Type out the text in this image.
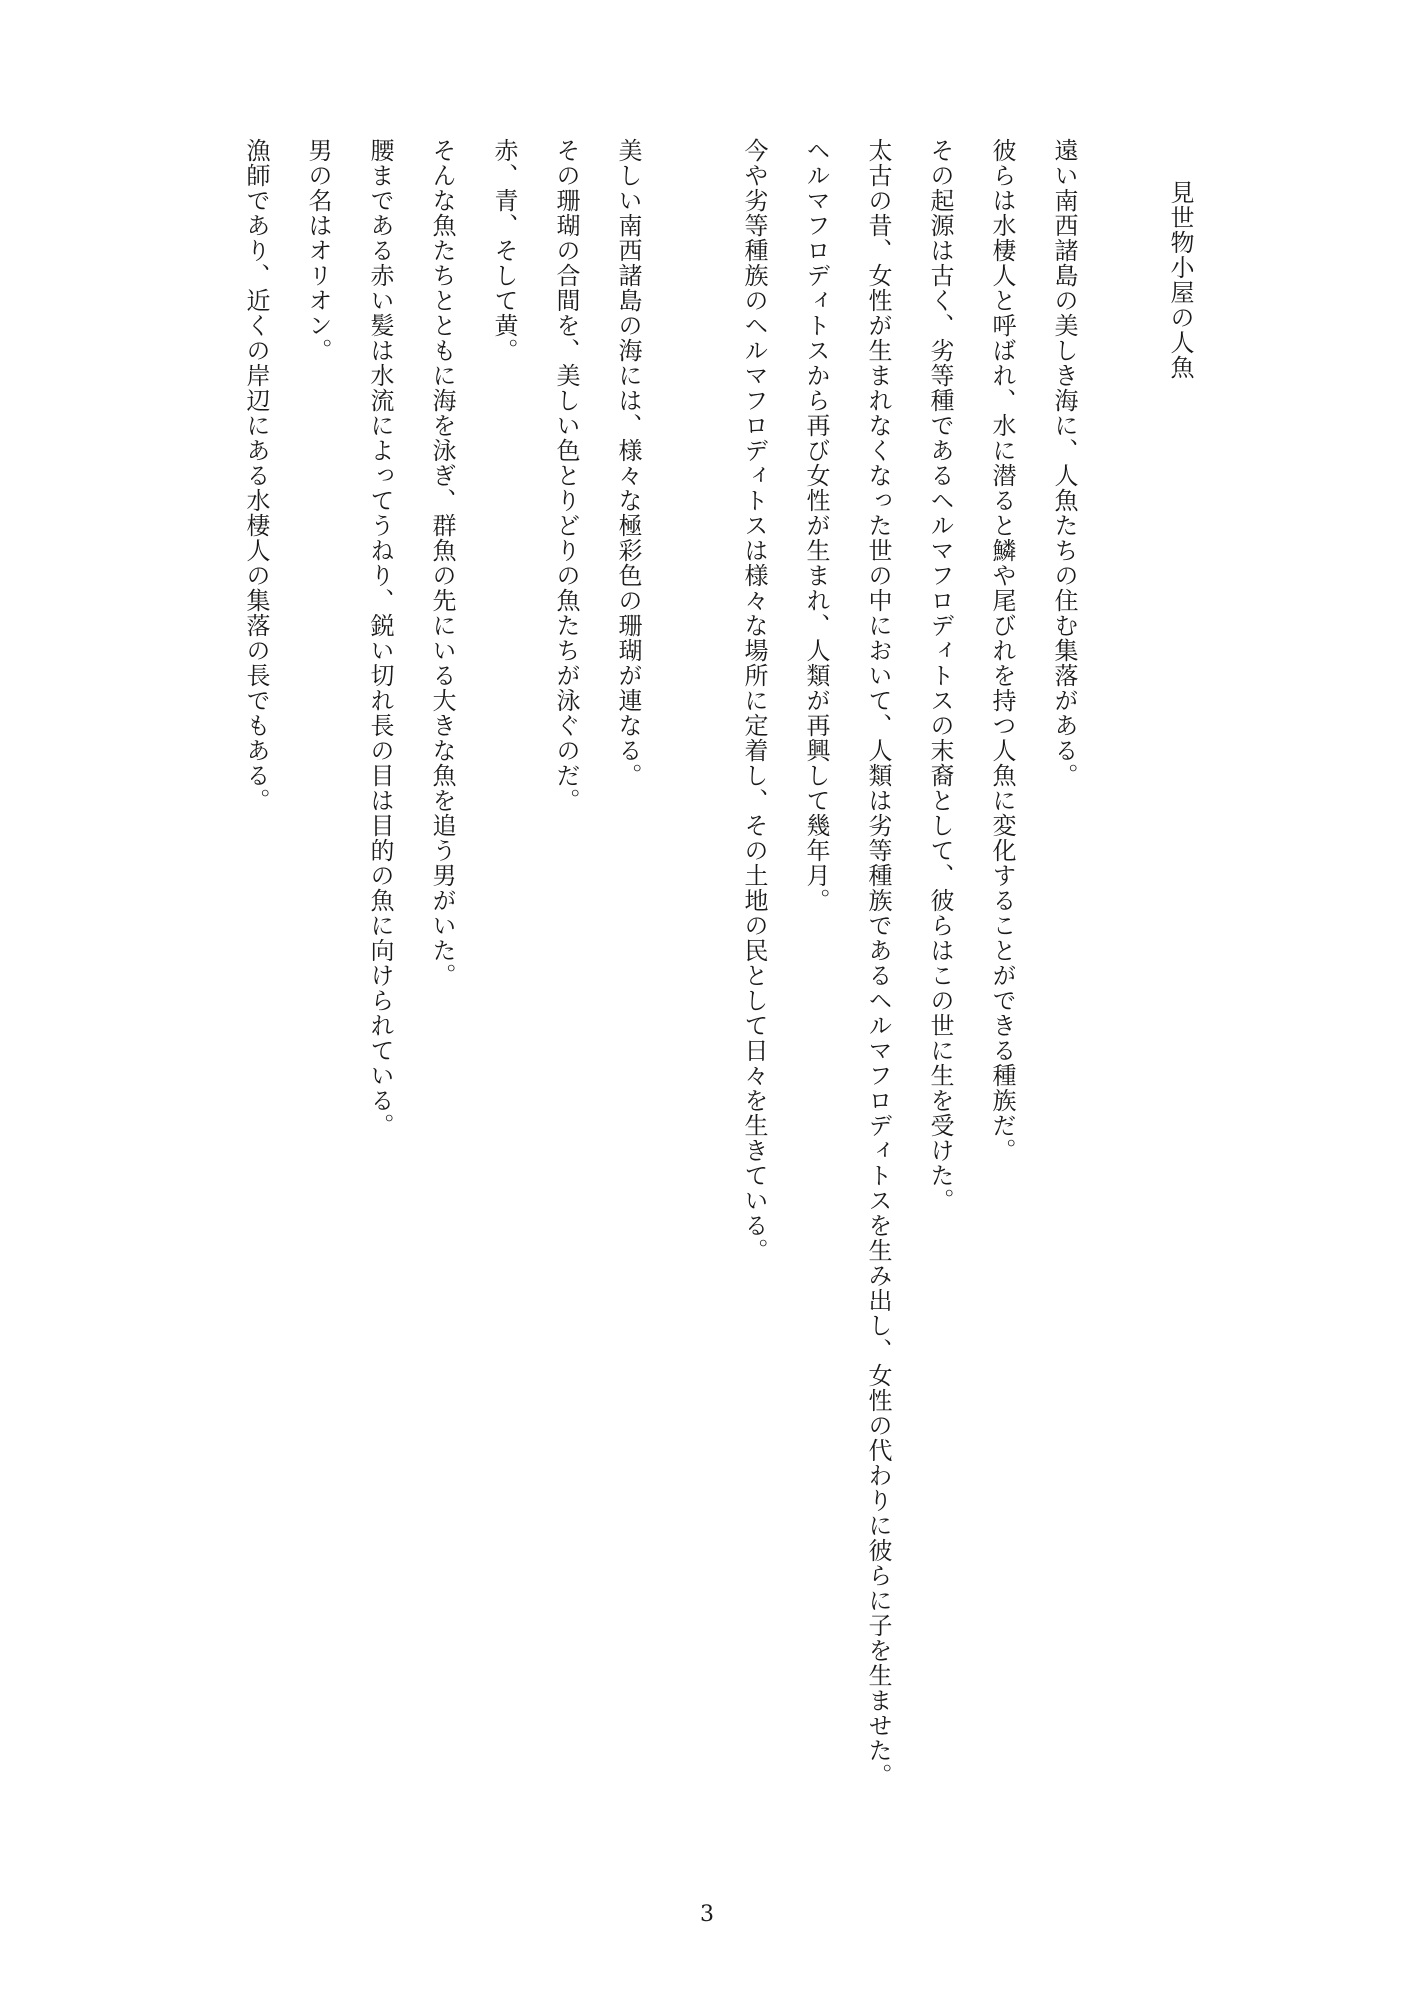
見世物小屋の人魚
遠い南西諸島の美しき海に、人魚たちの住む集落がある。
彼らは水棲人と呼ばれ、水に潜ると鱗や尾びれを持つ人魚に変化することができる種族だ。
その起源は古く、劣等種であるヘルマフロディトスの末裔として、彼らはこの世に生を受けた。
太古の昔、女性が生まれなくなった世の中において、人類は劣等種族であるヘルマフロディトスを生み出し、女性の代わりに彼らに子を生ませた。
ヘルマフロディトスから再び女性が生まれ、人類が再興して幾年月。
今や劣等種族のヘルマフロディトスは様々な場所に定着し、その土地の民として日々を生きている。
美しい南西諸島の海には、様々な極彩色の珊瑚が連なる。
その珊瑚の合間を、美しい色とりどりの魚たちが泳ぐのだ。
赤、青、そして黄。
そんな魚たちとともに海を泳ぎ、群魚の先にいる大きな魚を追う男がいた。
腰まである赤い髪は水流によってうねり、鋭い切れ長の目は目的の魚に向けられている。
男の名はオリオン。
漁師であり、近くの岸辺にある水棲人の集落の長でもある。
3
